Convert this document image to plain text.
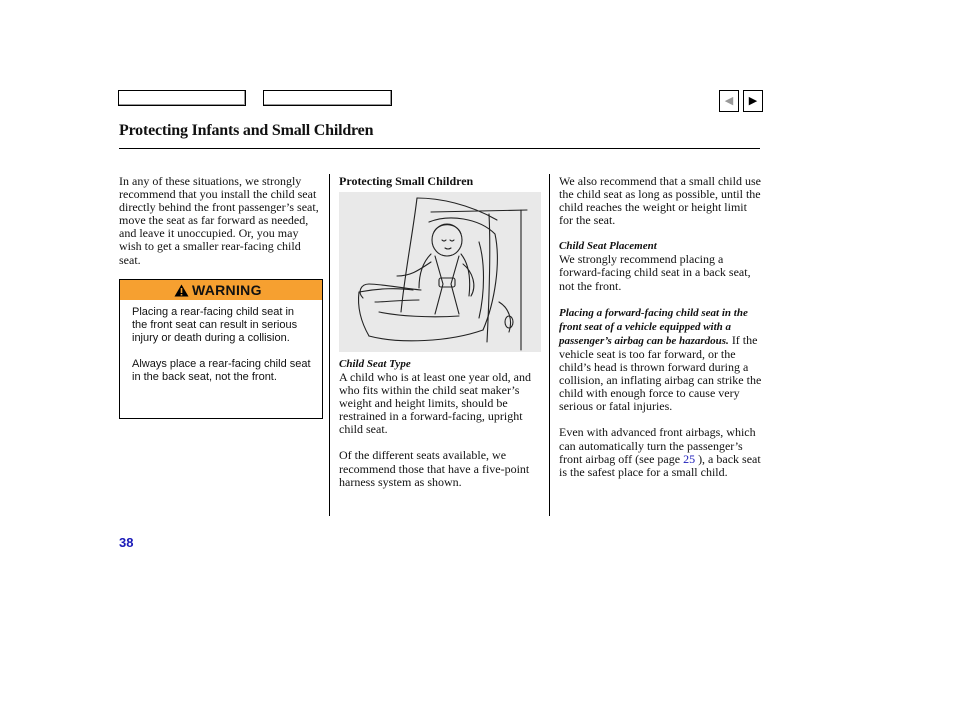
◀	▶
Protecting Infants and Small Children

In any of these situations, we strongly recommend that you install the child seat directly behind the front passenger’s seat, move the seat as far forward as needed, and leave it unoccupied. Or, you may wish to get a smaller rear-facing child seat.

WARNING

Placing a rear-facing child seat in the front seat can result in serious injury or death during a collision.

Always place a rear-facing child seat in the back seat, not the front.

Protecting Small Children
Child Seat Type

A child who is at least one year old, and who fits within the child seat maker’s weight and height limits, should be restrained in a forward-facing, upright child seat.

Of the different seats available, we recommend those that have a five-point harness system as shown.

We also recommend that a small child use the child seat as long as possible, until the child reaches the weight or height limit for the seat.

Child Seat Placement

We strongly recommend placing a forward-facing child seat in a back seat, not the front.

Placing a forward-facing child seat in the front seat of a vehicle equipped with a passenger’s airbag can be hazardous. If the vehicle seat is too far forward, or the child’s head is thrown forward during a collision, an inflating airbag can strike the child with enough force to cause very serious or fatal injuries.

Even with advanced front airbags, which can automatically turn the passenger’s front airbag off (see page 25 ), a back seat is the safest place for a small child.

38
